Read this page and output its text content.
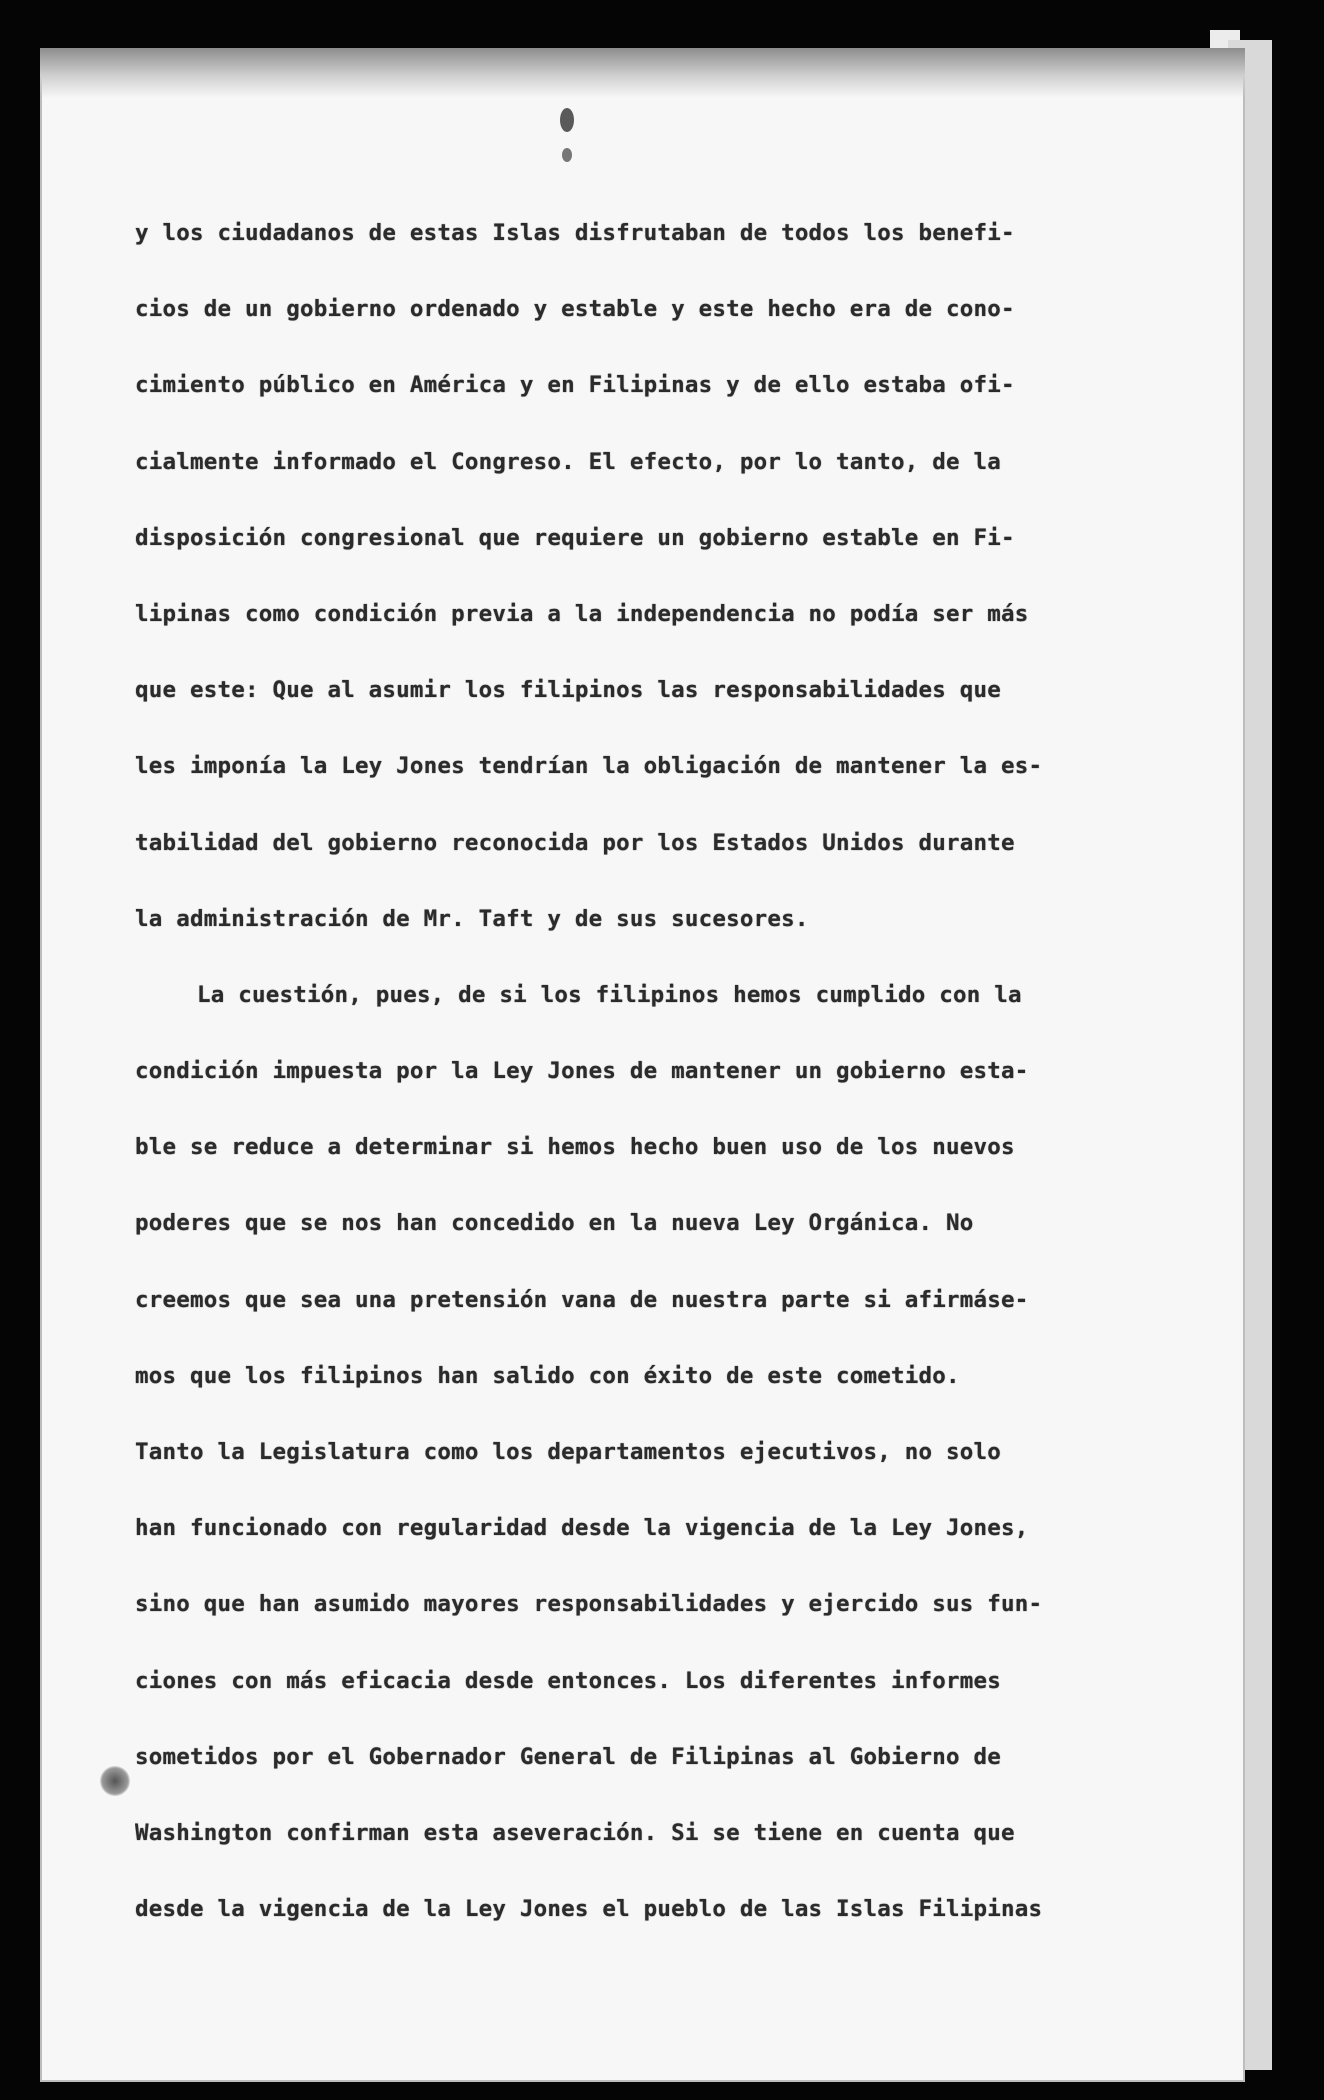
y los ciudadanos de estas Islas disfrutaban de todos los benefi-
cios de un gobierno ordenado y estable y este hecho era de cono-
cimiento público en América y en Filipinas y de ello estaba ofi-
cialmente informado el Congreso. El efecto, por lo tanto, de la
disposición congresional que requiere un gobierno estable en Fi-
lipinas como condición previa a la independencia no podía ser más
que este: Que al asumir los filipinos las responsabilidades que
les imponía la Ley Jones tendrían la obligación de mantener la es-
tabilidad del gobierno reconocida por los Estados Unidos durante
la administración de Mr. Taft y de sus sucesores.
La cuestión, pues, de si los filipinos hemos cumplido con la
condición impuesta por la Ley Jones de mantener un gobierno esta-
ble se reduce a determinar si hemos hecho buen uso de los nuevos
poderes que se nos han concedido en la nueva Ley Orgánica. No
creemos que sea una pretensión vana de nuestra parte si afirmáse-
mos que los filipinos han salido con éxito de este cometido.
Tanto la Legislatura como los departamentos ejecutivos, no solo
han funcionado con regularidad desde la vigencia de la Ley Jones,
sino que han asumido mayores responsabilidades y ejercido sus fun-
ciones con más eficacia desde entonces. Los diferentes informes
sometidos por el Gobernador General de Filipinas al Gobierno de
Washington confirman esta aseveración. Si se tiene en cuenta que
desde la vigencia de la Ley Jones el pueblo de las Islas Filipinas
